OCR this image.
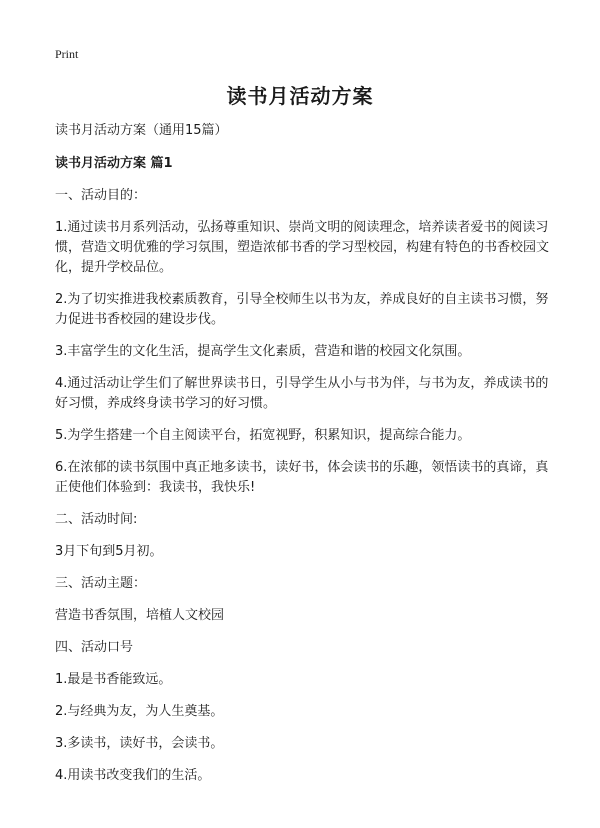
Print
读书月活动方案

读书月活动方案（通用15篇）

读书月活动方案 篇1

一、活动目的：

1.通过读书月系列活动，弘扬尊重知识、崇尚文明的阅读理念，培养读者爱书的阅读习惯，营造文明优雅的学习氛围，塑造浓郁书香的学习型校园，构建有特色的书香校园文化，提升学校品位。

2.为了切实推进我校素质教育，引导全校师生以书为友，养成良好的自主读书习惯，努力促进书香校园的建设步伐。

3.丰富学生的文化生活，提高学生文化素质，营造和谐的校园文化氛围。

4.通过活动让学生们了解世界读书日，引导学生从小与书为伴，与书为友，养成读书的好习惯，养成终身读书学习的好习惯。

5.为学生搭建一个自主阅读平台，拓宽视野，积累知识，提高综合能力。

6.在浓郁的读书氛围中真正地多读书，读好书，体会读书的乐趣，领悟读书的真谛，真正使他们体验到：我读书，我快乐!

二、活动时间:

3月下旬到5月初。

三、活动主题：

营造书香氛围，培植人文校园

四、活动口号

1.最是书香能致远。

2.与经典为友，为人生奠基。

3.多读书，读好书，会读书。

4.用读书改变我们的生活。
